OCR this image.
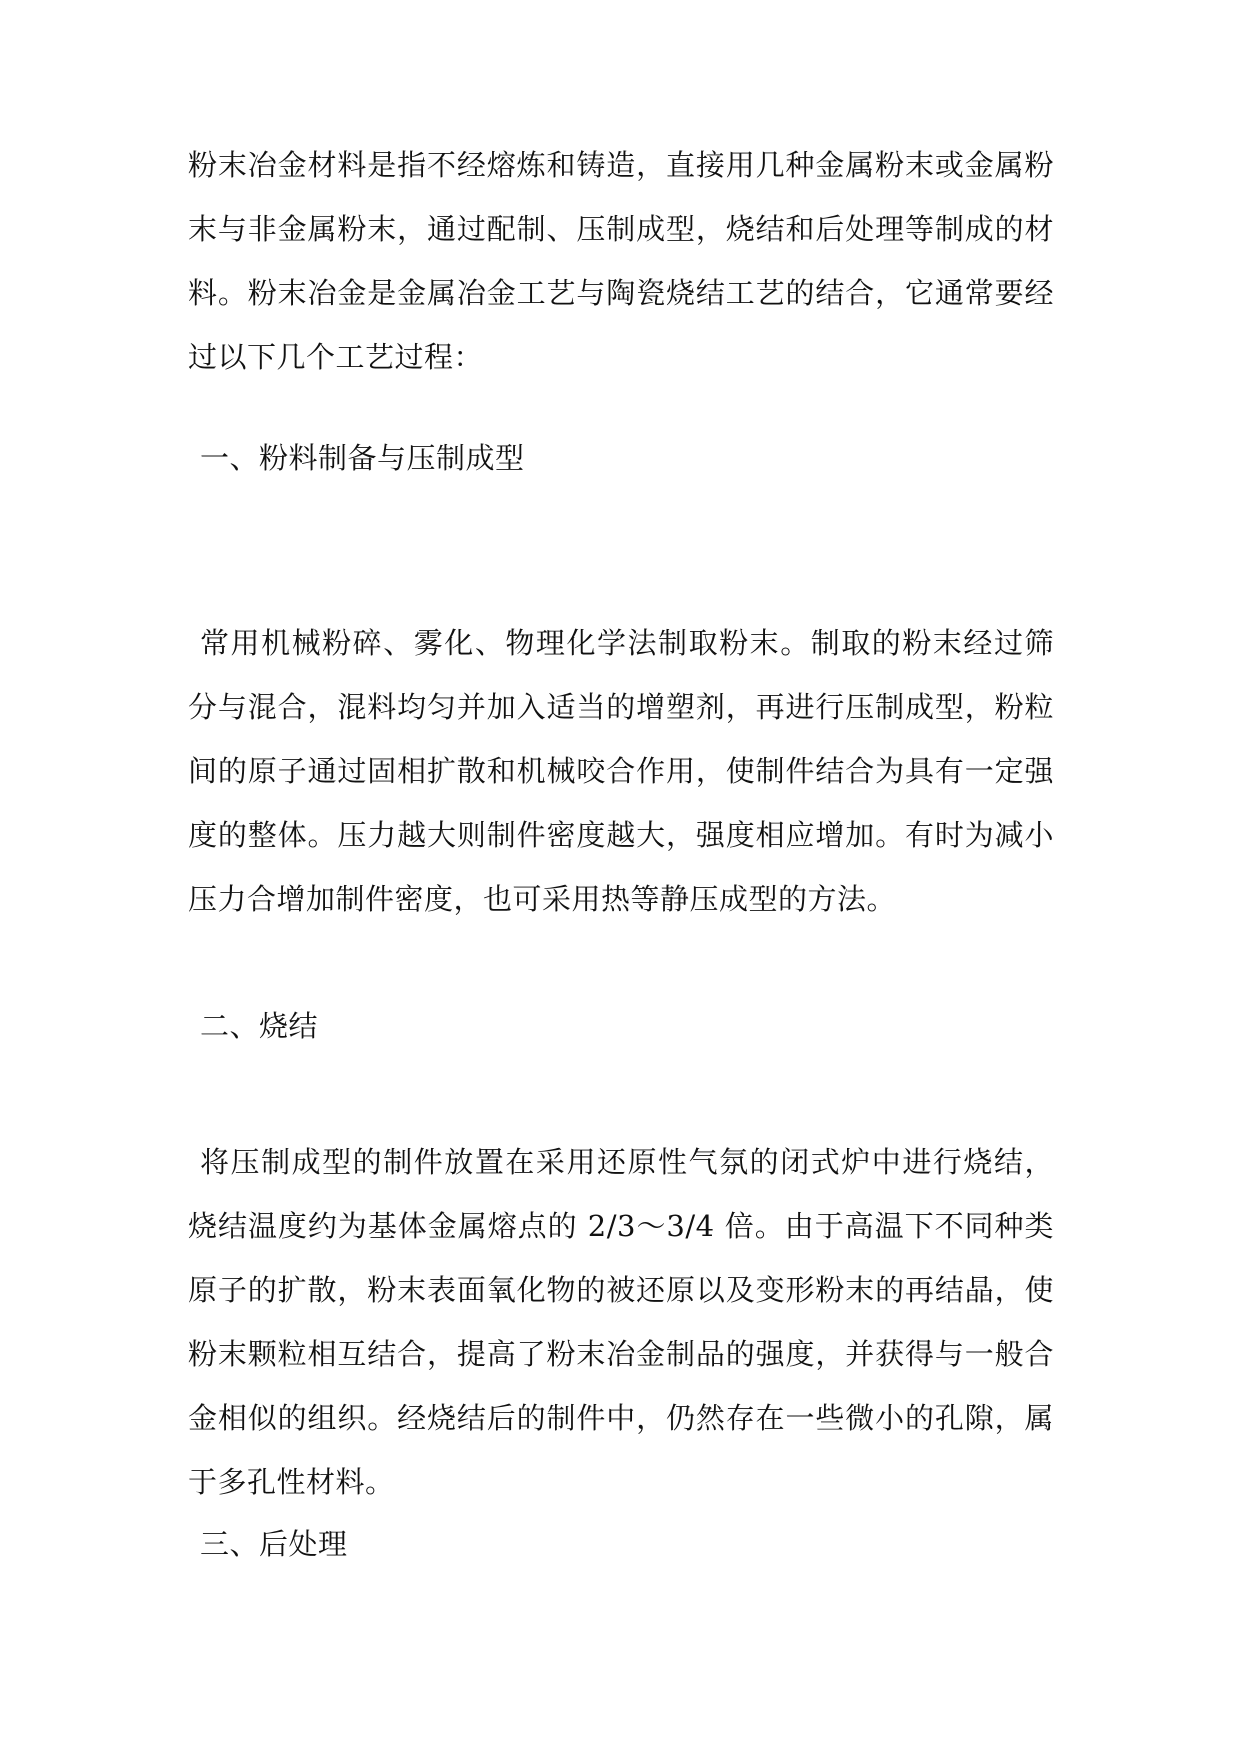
粉末冶金材料是指不经熔炼和铸造，直接用几种金属粉末或金属粉末与非金属粉末，通过配制、压制成型，烧结和后处理等制成的材料。粉末冶金是金属冶金工艺与陶瓷烧结工艺的结合，它通常要经过以下几个工艺过程：

一、粉料制备与压制成型

常用机械粉碎、雾化、物理化学法制取粉末。制取的粉末经过筛分与混合，混料均匀并加入适当的增塑剂，再进行压制成型，粉粒间的原子通过固相扩散和机械咬合作用，使制件结合为具有一定强度的整体。压力越大则制件密度越大，强度相应增加。有时为减小压力合增加制件密度，也可采用热等静压成型的方法。

二、烧结

将压制成型的制件放置在采用还原性气氛的闭式炉中进行烧结，烧结温度约为基体金属熔点的 2/3～3/4 倍。由于高温下不同种类原子的扩散，粉末表面氧化物的被还原以及变形粉末的再结晶，使粉末颗粒相互结合，提高了粉末冶金制品的强度，并获得与一般合金相似的组织。经烧结后的制件中，仍然存在一些微小的孔隙，属于多孔性材料。

三、后处理
